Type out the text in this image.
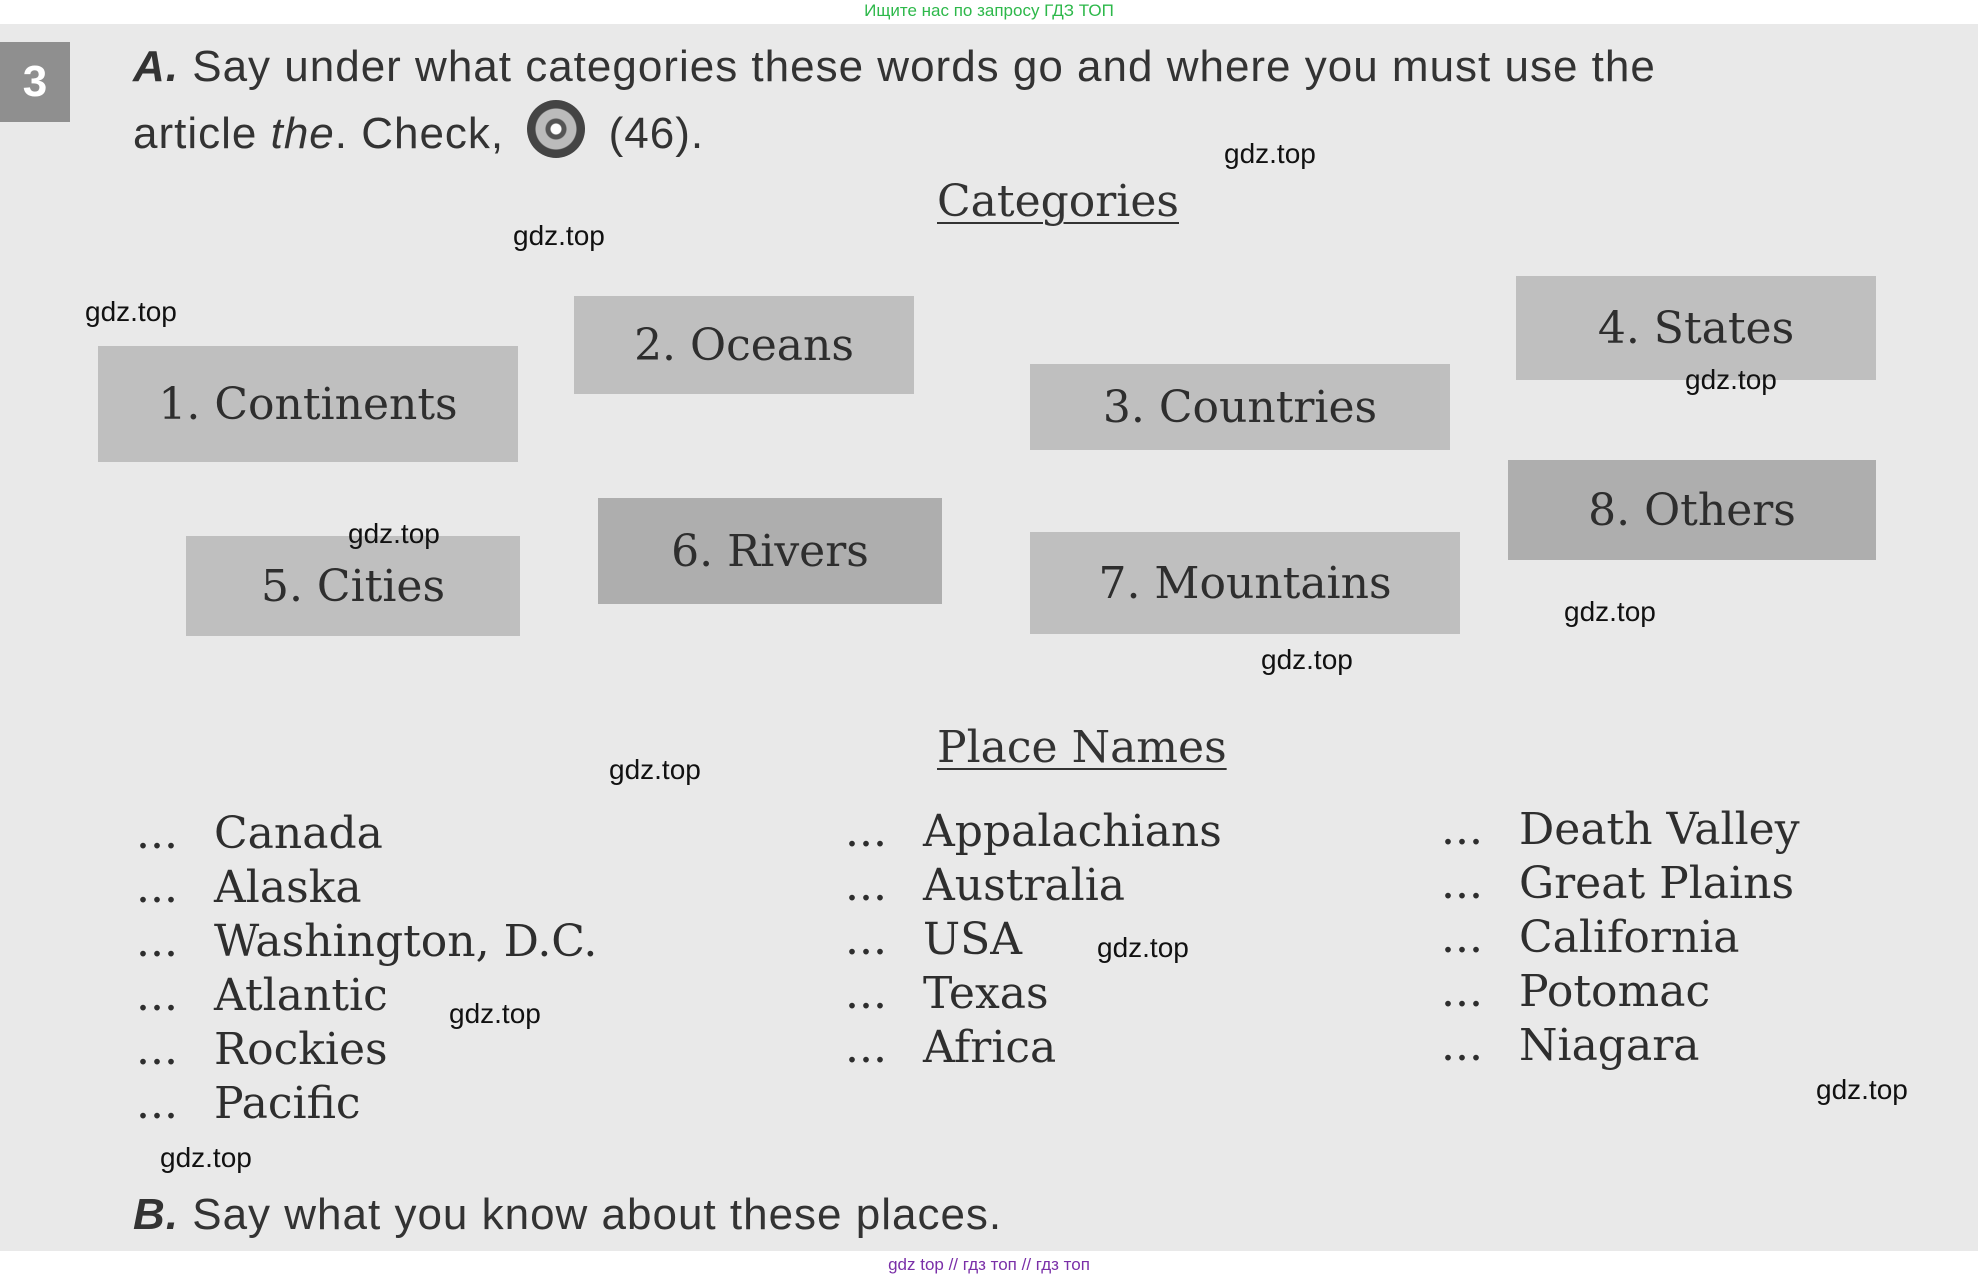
Ищите нас по запросу ГДЗ ТОП

3	A. Say under what categories these words go and where you must use the
article the. Check, (46).
Categories
1. Continents
2. Oceans
3. Countries
4. States
5. Cities
6. Rivers
7. Mountains
8. Others
Place Names
... Canada
... Alaska
... Washington, D.C.
... Atlantic
... Rockies
... Pacific
... Appalachians
... Australia
... USA
... Texas
... Africa
... Death Valley
... Great Plains
... California
... Potomac
... Niagara
B. Say what you know about these places.
gdz.top
gdz.top
gdz.top
gdz.top
gdz.top
gdz.top
gdz.top
gdz.top
gdz.top
gdz.top
gdz.top
gdz.top
gdz top // гдз топ // гдз топ
